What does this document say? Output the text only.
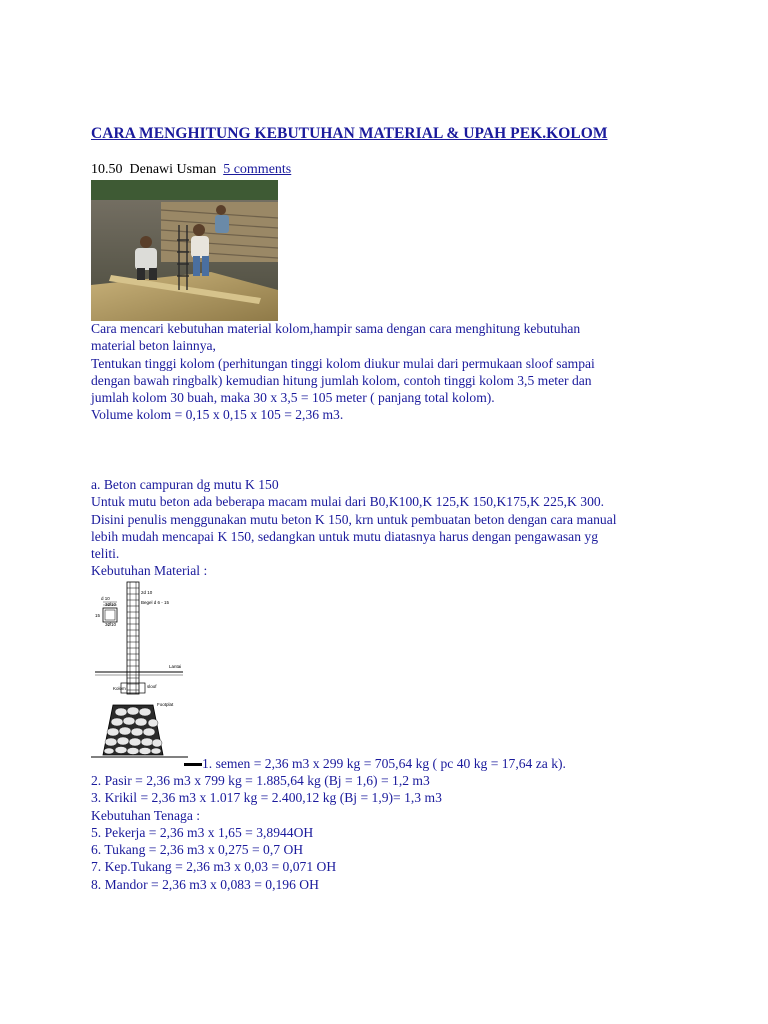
CARA MENGHITUNG KEBUTUHAN MATERIAL & UPAH PEK.KOLOM
10.50 Denawi Usman 5 comments

Cara mencari kebutuhan material kolom,hampir sama dengan cara menghitung kebutuhan

material beton lainnya,

Tentukan tinggi kolom (perhitungan tinggi kolom diukur mulai dari permukaan sloof sampai

dengan bawah ringbalk) kemudian hitung jumlah kolom, contoh tinggi kolom 3,5 meter dan

jumlah kolom 30 buah, maka 30 x 3,5 = 105 meter ( panjang total kolom).

Volume kolom = 0,15 x 0,15 x 105 = 2,36 m3.

a. Beton campuran dg mutu K 150

Untuk mutu beton ada beberapa macam mulai dari B0,K100,K 125,K 150,K175,K 225,K 300.

Disini penulis menggunakan mutu beton K 150, krn untuk pembuatan beton dengan cara manual

lebih mudah mencapai K 150, sedangkan untuk mutu diatasnya harus dengan pengawasan yg

teliti.

Kebutuhan Material :

d 10
2d 10
3Ø10
3Ø10
15
Begel d 6 - 15
Lantai
sloof
Footplat
Kolom

1. semen = 2,36 m3 x 299 kg = 705,64 kg ( pc 40 kg = 17,64 za k).

2. Pasir = 2,36 m3 x 799 kg = 1.885,64 kg (Bj = 1,6) = 1,2 m3

3. Krikil = 2,36 m3 x 1.017 kg = 2.400,12 kg (Bj = 1,9)= 1,3 m3

Kebutuhan Tenaga :

5. Pekerja = 2,36 m3 x 1,65 = 3,8944OH

6. Tukang = 2,36 m3 x 0,275 = 0,7 OH

7. Kep.Tukang = 2,36 m3 x 0,03 = 0,071 OH

8. Mandor = 2,36 m3 x 0,083 = 0,196 OH
